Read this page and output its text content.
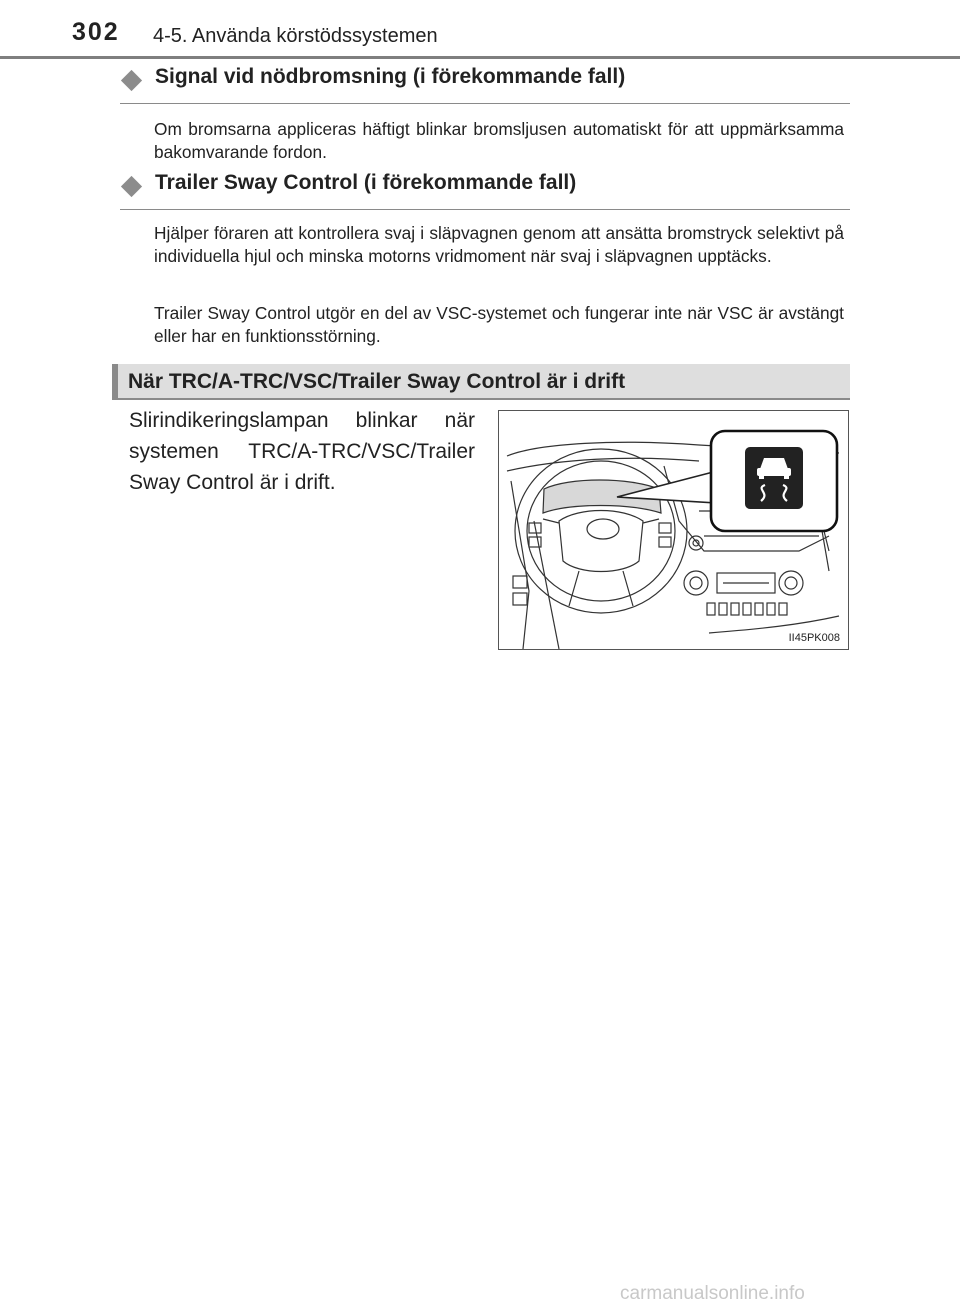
302 4-5. Använda körstödssystemen
Signal vid nödbromsning (i förekommande fall)
Om bromsarna appliceras häftigt blinkar bromsljusen automatiskt för att uppmärksamma bakomvarande fordon.
Trailer Sway Control (i förekommande fall)
Hjälper föraren att kontrollera svaj i släpvagnen genom att ansätta bromstryck selektivt på individuella hjul och minska motorns vridmoment när svaj i släpvagnen upptäcks.
Trailer Sway Control utgör en del av VSC-systemet och fungerar inte när VSC är avstängt eller har en funktionsstörning.
När TRC/A-TRC/VSC/Trailer Sway Control är i drift
Slirindikeringslampan blinkar när systemen TRC/A-TRC/VSC/Trailer Sway Control är i drift.
II45PK008
carmanualsonline.info
